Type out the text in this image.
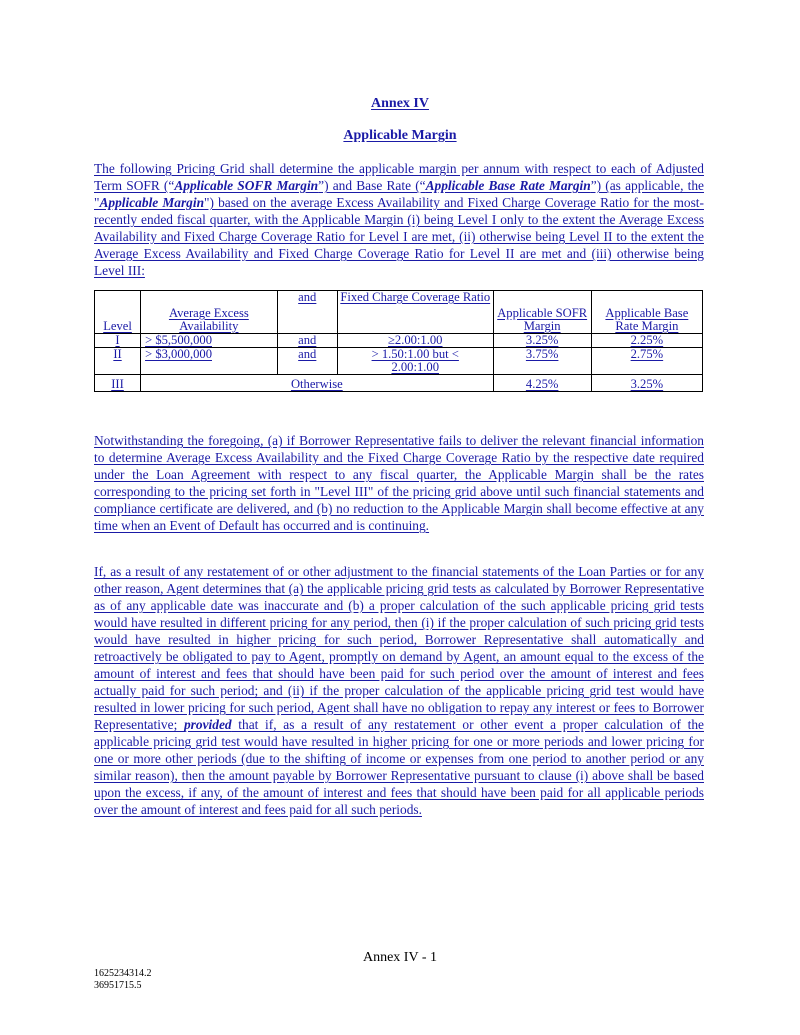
Annex IV
Applicable Margin
The following Pricing Grid shall determine the applicable margin per annum with respect to each of Adjusted Term SOFR (“Applicable SOFR Margin”) and Base Rate (“Applicable Base Rate Margin”) (as applicable, the "Applicable Margin") based on the average Excess Availability and Fixed Charge Coverage Ratio for the most-recently ended fiscal quarter, with the Applicable Margin (i) being Level I only to the extent the Average Excess Availability and Fixed Charge Coverage Ratio for Level I are met, (ii) otherwise being Level II to the extent the Average Excess Availability and Fixed Charge Coverage Ratio for Level II are met and (iii) otherwise being Level III:
Level	Average Excess Availability	and	Fixed Charge Coverage Ratio	Applicable SOFR Margin	Applicable Base Rate Margin
I	> $5,500,000	and	≥2.00:1.00	3.25%	2.25%
II	> $3,000,000	and	> 1.50:1.00 but < 2.00:1.00	3.75%	2.75%
III	Otherwise			4.25%	3.25%
Notwithstanding the foregoing, (a) if Borrower Representative fails to deliver the relevant financial information to determine Average Excess Availability and the Fixed Charge Coverage Ratio by the respective date required under the Loan Agreement with respect to any fiscal quarter, the Applicable Margin shall be the rates corresponding to the pricing set forth in "Level III" of the pricing grid above until such financial statements and compliance certificate are delivered, and (b) no reduction to the Applicable Margin shall become effective at any time when an Event of Default has occurred and is continuing.
If, as a result of any restatement of or other adjustment to the financial statements of the Loan Parties or for any other reason, Agent determines that (a) the applicable pricing grid tests as calculated by Borrower Representative as of any applicable date was inaccurate and (b) a proper calculation of the such applicable pricing grid tests would have resulted in different pricing for any period, then (i) if the proper calculation of such pricing grid tests would have resulted in higher pricing for such period, Borrower Representative shall automatically and retroactively be obligated to pay to Agent, promptly on demand by Agent, an amount equal to the excess of the amount of interest and fees that should have been paid for such period over the amount of interest and fees actually paid for such period; and (ii) if the proper calculation of the applicable pricing grid test would have resulted in lower pricing for such period, Agent shall have no obligation to repay any interest or fees to Borrower Representative; provided that if, as a result of any restatement or other event a proper calculation of the applicable pricing grid test would have resulted in higher pricing for one or more periods and lower pricing for one or more other periods (due to the shifting of income or expenses from one period to another period or any similar reason), then the amount payable by Borrower Representative pursuant to clause (i) above shall be based upon the excess, if any, of the amount of interest and fees that should have been paid for all applicable periods over the amount of interest and fees paid for all such periods.
Annex IV - 1
1625234314.2
36951715.5
